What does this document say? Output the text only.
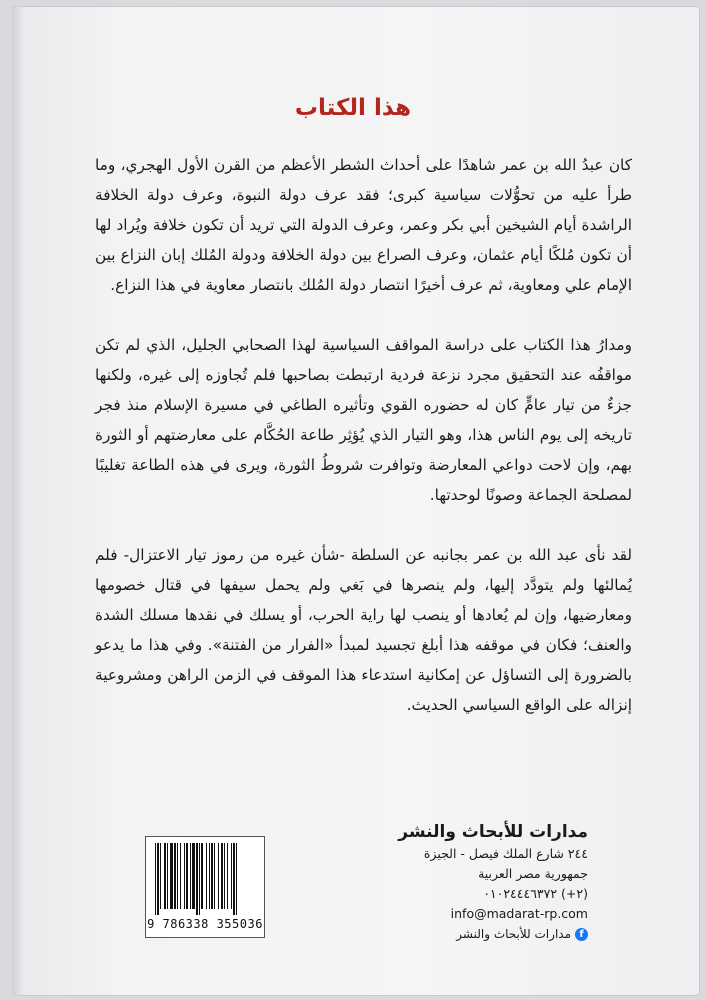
هذا الكتاب

كان عبدُ الله بن عمر شاهدًا على أحداث الشطر الأعظم من القرن الأول الهجري، وما طرأ عليه من تحوُّلات سياسية كبرى؛ فقد عرف دولة النبوة، وعرف دولة الخلافة الراشدة أيام الشيخين أبي بكر وعمر، وعرف الدولة التي تريد أن تكون خلافة ويُراد لها أن تكون مُلكًا أيام عثمان، وعرف الصراع بين دولة الخلافة ودولة المُلك إبان النزاع بين الإمام علي ومعاوية، ثم عرف أخيرًا انتصار دولة المُلك بانتصار معاوية في هذا النزاع.

ومدارُ هذا الكتاب على دراسة المواقف السياسية لهذا الصحابي الجليل، الذي لم تكن مواقفُه عند التحقيق مجرد نزعة فردية ارتبطت بصاحبها فلم تُجاوزه إلى غيره، ولكنها جزءٌ من تيار عامٍّ كان له حضوره القوي وتأثيره الطاغي في مسيرة الإسلام منذ فجر تاريخه إلى يوم الناس هذا، وهو التيار الذي يُؤثِر طاعة الحُكَّام على معارضتهم أو الثورة بهم، وإن لاحت دواعي المعارضة وتوافرت شروطُ الثورة، ويرى في هذه الطاعة تغليبًا لمصلحة الجماعة وصونًا لوحدتها.

لقد نأى عبد الله بن عمر بجانبه عن السلطة -شأن غيره من رموز تيار الاعتزال- فلم يُمالئها ولم يتودَّد إليها، ولم ينصرها في بَغي ولم يحمل سيفها في قتال خصومها ومعارضيها، وإن لم يُعادها أو ينصب لها راية الحرب، أو يسلك في نقدها مسلك الشدة والعنف؛ فكان في موقفه هذا أبلغ تجسيد لمبدأ «الفرار من الفتنة». وفي هذا ما يدعو بالضرورة إلى التساؤل عن إمكانية استدعاء هذا الموقف في الزمن الراهن ومشروعية إنزاله على الواقع السياسي الحديث.

مدارات للأبحاث والنشر
٢٤٤ شارع الملك فيصل - الجيزة
جمهورية مصر العربية
(٢+) ٠١٠٢٤٤٤٦٣٧٢
info@madarat-rp.com
f
مدارات للأبحاث والنشر
9 786338 355036
